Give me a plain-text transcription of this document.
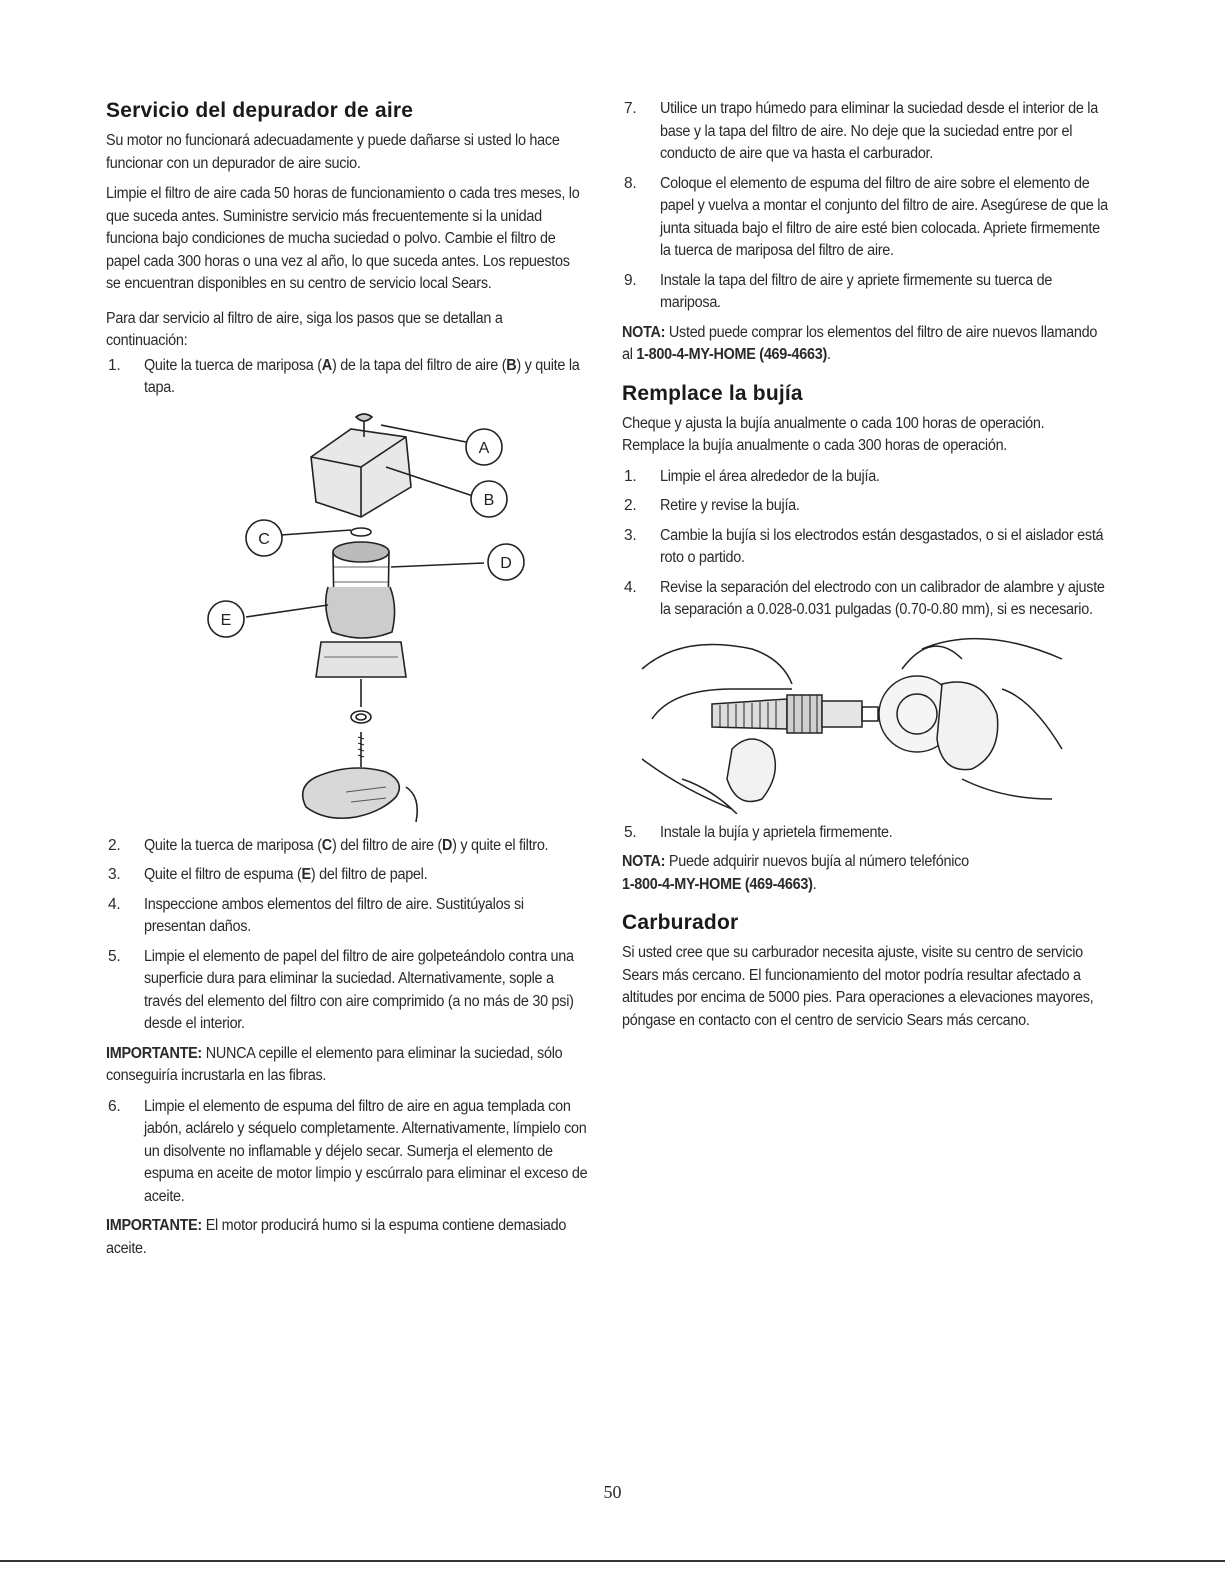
Servicio del depurador de aire

Su motor no funcionará adecuadamente y puede dañarse si usted lo hace funcionar con un depurador de aire sucio.

Limpie el filtro de aire cada 50 horas de funcionamiento o cada tres meses, lo que suceda antes. Suministre servicio más frecuentemente si la unidad funciona bajo condiciones de mucha suciedad o polvo. Cambie el filtro de papel cada 300 horas o una vez al año, lo que suceda antes. Los repuestos se encuentran disponibles en su centro de servicio local Sears.

Para dar servicio al filtro de aire, siga los pasos que se detallan a continuación:

1. Quite la tuerca de mariposa (A) de la tapa del filtro de aire (B) y quite la tapa.
A
B
C
D
E
2. Quite la tuerca de mariposa (C) del filtro de aire (D) y quite el filtro.
3. Quite el filtro de espuma (E) del filtro de papel.
4. Inspeccione ambos elementos del filtro de aire. Sustitúyalos si presentan daños.
5. Limpie el elemento de papel del filtro de aire golpeteándolo contra una superficie dura para eliminar la suciedad. Alternativamente, sople a través del elemento del filtro con aire comprimido (a no más de 30 psi) desde el interior.

IMPORTANTE: NUNCA cepille el elemento para eliminar la suciedad, sólo conseguiría incrustarla en las fibras.

6. Limpie el elemento de espuma del filtro de aire en agua templada con jabón, aclárelo y séquelo completamente. Alternativamente, límpielo con un disolvente no inflamable y déjelo secar. Sumerja el elemento de espuma en aceite de motor limpio y escúrralo para eliminar el exceso de aceite.

IMPORTANTE: El motor producirá humo si la espuma contiene demasiado aceite.

7. Utilice un trapo húmedo para eliminar la suciedad desde el interior de la base y la tapa del filtro de aire. No deje que la suciedad entre por el conducto de aire que va hasta el carburador.
8. Coloque el elemento de espuma del filtro de aire sobre el elemento de papel y vuelva a montar el conjunto del filtro de aire. Asegúrese de que la junta situada bajo el filtro de aire esté bien colocada. Apriete firmemente la tuerca de mariposa del filtro de aire.
9. Instale la tapa del filtro de aire y apriete firmemente su tuerca de mariposa.

NOTA: Usted puede comprar los elementos del filtro de aire nuevos llamando al 1-800-4-MY-HOME (469-4663).

Remplace la bujía

Cheque y ajusta la bujía anualmente o cada 100 horas de operación. Remplace la bujía anualmente o cada 300 horas de operación.

1. Limpie el área alrededor de la bujía.
2. Retire y revise la bujía.
3. Cambie la bujía si los electrodos están desgastados, o si el aislador está roto o partido.
4. Revise la separación del electrodo con un calibrador de alambre y ajuste la separación a 0.028-0.031 pulgadas (0.70-0.80 mm), si es necesario.
5. Instale la bujía y aprietela firmemente.

NOTA: Puede adquirir nuevos bujía al número telefónico
1-800-4-MY-HOME (469-4663).

Carburador

Si usted cree que su carburador necesita ajuste, visite su centro de servicio Sears más cercano. El funcionamiento del motor podría resultar afectado a altitudes por encima de 5000 pies. Para operaciones a elevaciones mayores, póngase en contacto con el centro de servicio Sears más cercano.

50
